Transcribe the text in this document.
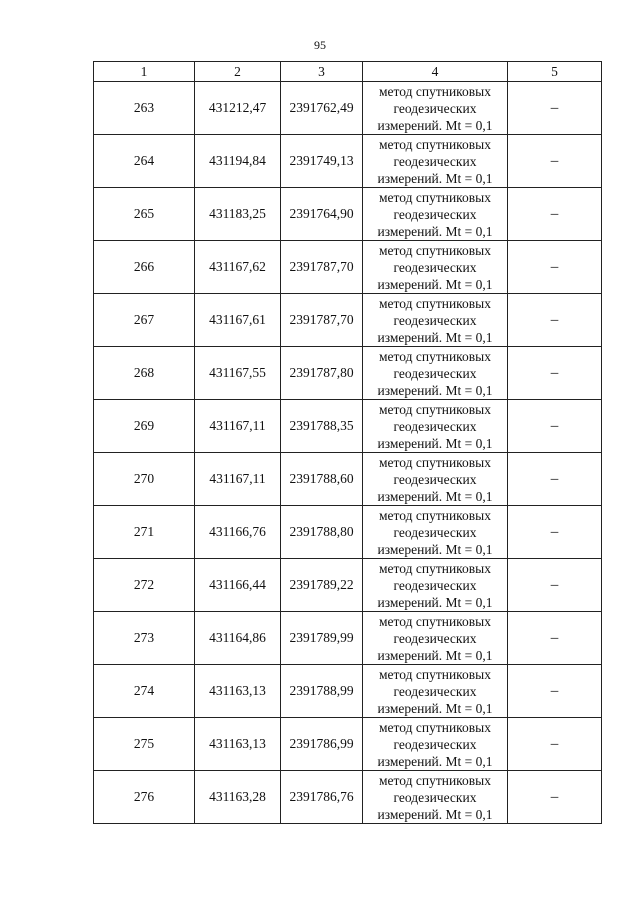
95
1	2	3	4	5
263	431212,47	2391762,49	метод спутниковых
геодезических
измерений. Mt = 0,1	–
264	431194,84	2391749,13	метод спутниковых
геодезических
измерений. Mt = 0,1	–
265	431183,25	2391764,90	метод спутниковых
геодезических
измерений. Mt = 0,1	–
266	431167,62	2391787,70	метод спутниковых
геодезических
измерений. Mt = 0,1	–
267	431167,61	2391787,70	метод спутниковых
геодезических
измерений. Mt = 0,1	–
268	431167,55	2391787,80	метод спутниковых
геодезических
измерений. Mt = 0,1	–
269	431167,11	2391788,35	метод спутниковых
геодезических
измерений. Mt = 0,1	–
270	431167,11	2391788,60	метод спутниковых
геодезических
измерений. Mt = 0,1	–
271	431166,76	2391788,80	метод спутниковых
геодезических
измерений. Mt = 0,1	–
272	431166,44	2391789,22	метод спутниковых
геодезических
измерений. Mt = 0,1	–
273	431164,86	2391789,99	метод спутниковых
геодезических
измерений. Mt = 0,1	–
274	431163,13	2391788,99	метод спутниковых
геодезических
измерений. Mt = 0,1	–
275	431163,13	2391786,99	метод спутниковых
геодезических
измерений. Mt = 0,1	–
276	431163,28	2391786,76	метод спутниковых
геодезических
измерений. Mt = 0,1	–
